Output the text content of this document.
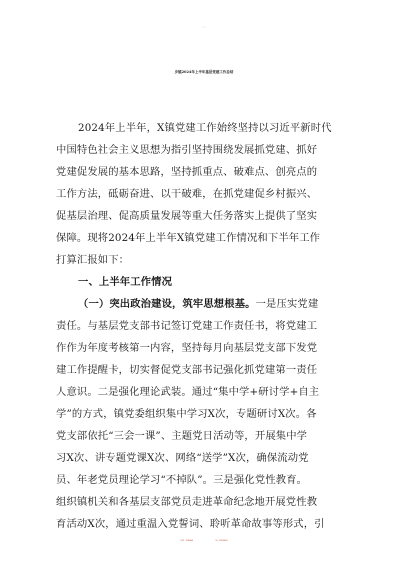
乡镇2024年上半年基层党建工作总结
2024年上半年，X镇党建工作始终坚持以习近平新时代
中国特色社会主义思想为指引坚持围绕发展抓党建、抓好
党建促发展的基本思路，坚持抓重点、破难点、创亮点的
工作方法，砥砺奋进、以干破难，在抓党建促乡村振兴、
促基层治理、促高质量发展等重大任务落实上提供了坚实
保障。现将2024年上半年X镇党建工作情况和下半年工作
打算汇报如下：
一、上半年工作情况
（一）突出政治建设，筑牢思想根基。一是压实党建
责任。与基层党支部书记签订党建工作责任书，将党建工
作作为年度考核第一内容，坚持每月向基层党支部下发党
建工作提醒卡，切实督促党支部书记强化抓党建第一责任
人意识。二是强化理论武装。通过“集中学+研讨学+自主
学”的方式，镇党委组织集中学习X次，专题研讨X次。各
党支部依托“三会一课”、主题党日活动等，开展集中学
习X次、讲专题党课X次、网络“送学”X次，确保流动党
员、年老党员理论学习“不掉队”。三是强化党性教育。
组织镇机关和各基层支部党员走进革命纪念地开展党性教
育活动X次，通过重温入党誓词、聆听革命故事等形式，引
QQ群：30265665	QQ：535304092
